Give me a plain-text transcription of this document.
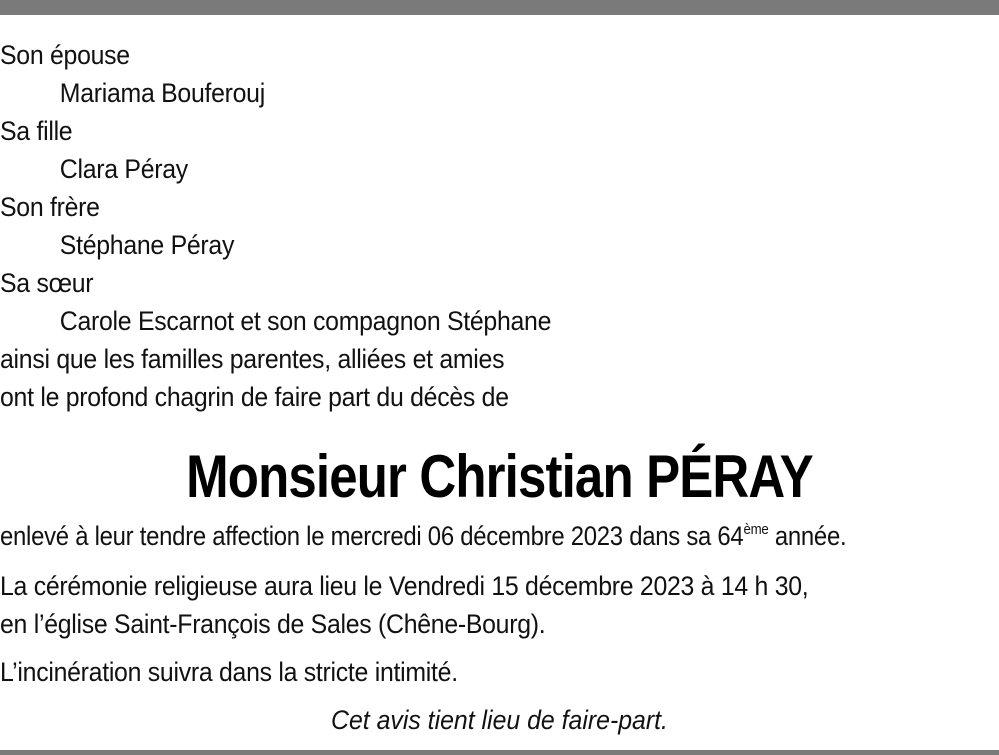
Son épouse
Mariama Bouferouj
Sa fille
Clara Péray
Son frère
Stéphane Péray
Sa sœur
Carole Escarnot et son compagnon Stéphane
ainsi que les familles parentes, alliées et amies
ont le profond chagrin de faire part du décès de
Monsieur Christian PÉRAY
enlevé à leur tendre affection le mercredi 06 décembre 2023 dans sa 64ème année.
La cérémonie religieuse aura lieu le Vendredi 15 décembre 2023 à 14 h 30,
en l’église Saint-François de Sales (Chêne-Bourg).
L’incinération suivra dans la stricte intimité.
Cet avis tient lieu de faire-part.
